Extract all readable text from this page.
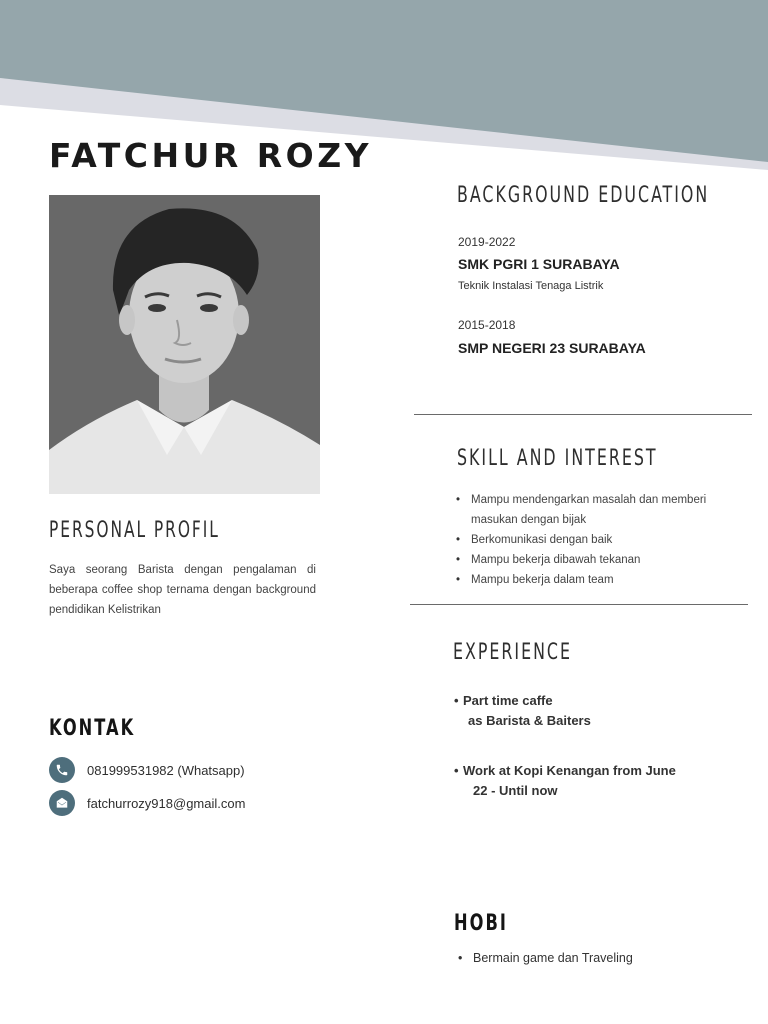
FATCHUR ROZY
PERSONAL PROFIL
Saya seorang Barista dengan pengalaman di beberapa coffee shop ternama dengan background pendidikan Kelistrikan
KONTAK
081999531982 (Whatsapp)
fatchurrozy918@gmail.com
BACKGROUND EDUCATION
2019-2022
SMK PGRI 1 SURABAYA
Teknik Instalasi Tenaga Listrik
2015-2018
SMP NEGERI 23 SURABAYA
SKILL AND INTEREST
• Mampu mendengarkan masalah dan memberi masukan dengan bijak
• Berkomunikasi dengan baik
• Mampu bekerja dibawah tekanan
• Mampu bekerja dalam team
EXPERIENCE
• Part time caffe
as Barista & Baiters
• Work at Kopi Kenangan from June
22 - Until now
HOBI
• Bermain game dan Traveling
